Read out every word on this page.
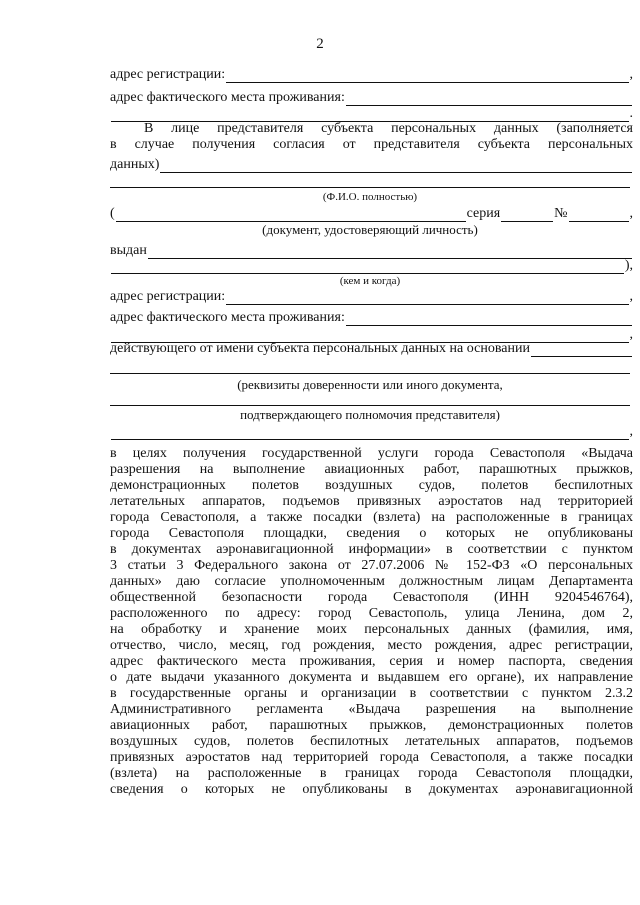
2
адрес регистрации:	,
адрес фактического места проживания:
.
В лице представителя субъекта персональных данных (заполняется
в случае получения согласия от представителя субъекта персональных
данных)
(Ф.И.О. полностью)
(	серия	№	,
(документ, удостоверяющий личность)
выдан
),
(кем и когда)
адрес регистрации:	,
адрес фактического места проживания:
,
действующего от имени субъекта персональных данных на основании
(реквизиты доверенности или иного документа,
подтверждающего полномочия представителя)
,
в целях получения государственной услуги города Севастополя «Выдача
разрешения на выполнение авиационных работ, парашютных прыжков,
демонстрационных полетов воздушных судов, полетов беспилотных
летательных аппаратов, подъемов привязных аэростатов над территорией
города Севастополя, а также посадки (взлета) на расположенные в границах
города Севастополя площадки, сведения о которых не опубликованы
в документах аэронавигационной информации» в соответствии с пунктом
3 статьи 3 Федерального закона от 27.07.2006 № 152-ФЗ «О персональных
данных» даю согласие уполномоченным должностным лицам Департамента
общественной безопасности города Севастополя (ИНН 9204546764),
расположенного по адресу: город Севастополь, улица Ленина, дом 2,
на обработку и хранение моих персональных данных (фамилия, имя,
отчество, число, месяц, год рождения, место рождения, адрес регистрации,
адрес фактического места проживания, серия и номер паспорта, сведения
о дате выдачи указанного документа и выдавшем его органе), их направление
в государственные органы и организации в соответствии с пунктом 2.3.2
Административного регламента «Выдача разрешения на выполнение
авиационных работ, парашютных прыжков, демонстрационных полетов
воздушных судов, полетов беспилотных летательных аппаратов, подъемов
привязных аэростатов над территорией города Севастополя, а также посадки
(взлета) на расположенные в границах города Севастополя площадки,
сведения о которых не опубликованы в документах аэронавигационной
